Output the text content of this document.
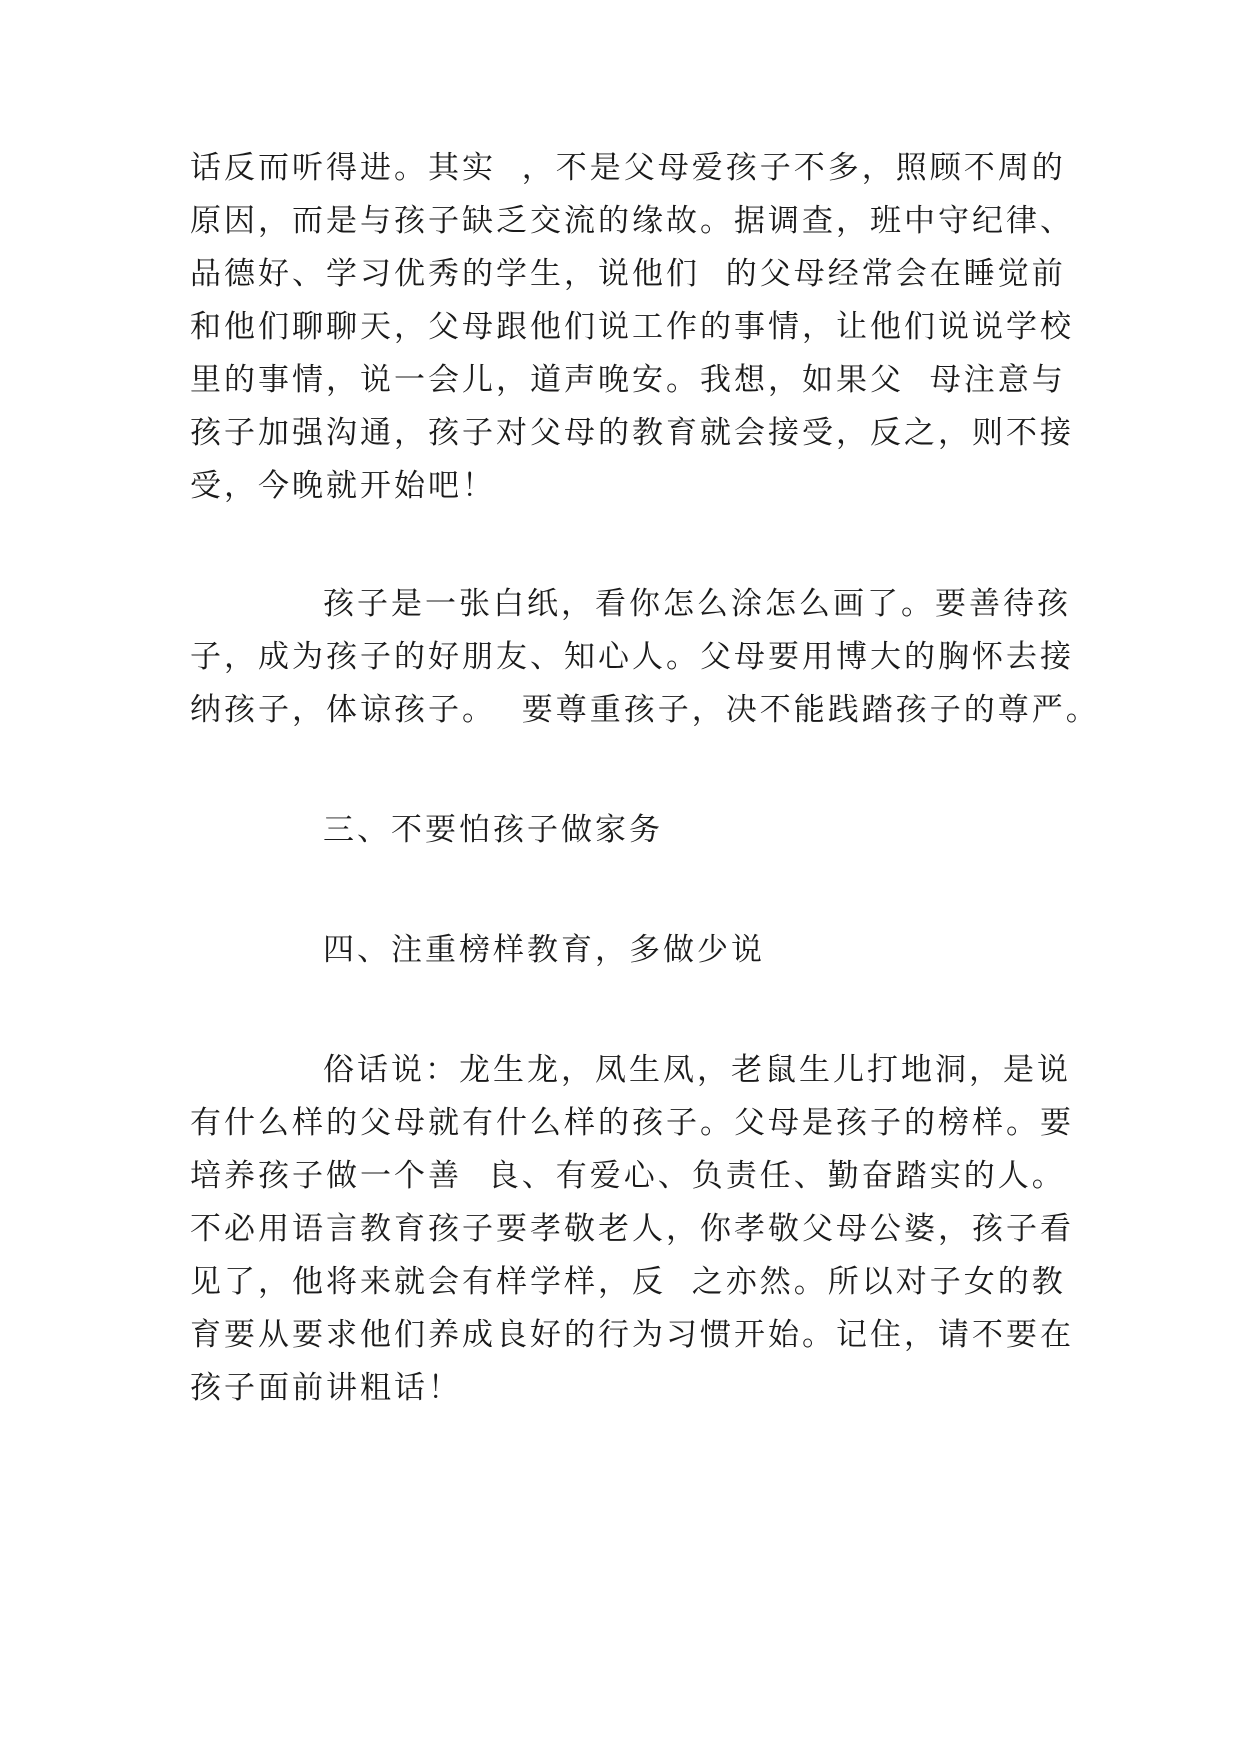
话反而听得进。其实  ，不是父母爱孩子不多，照顾不周的
原因，而是与孩子缺乏交流的缘故。据调查，班中守纪律、
品德好、学习优秀的学生，说他们  的父母经常会在睡觉前
和他们聊聊天，父母跟他们说工作的事情，让他们说说学校
里的事情，说一会儿，道声晚安。我想，如果父  母注意与
孩子加强沟通，孩子对父母的教育就会接受，反之，则不接
受，今晚就开始吧！
孩子是一张白纸，看你怎么涂怎么画了。要善待孩
子，成为孩子的好朋友、知心人。父母要用博大的胸怀去接
纳孩子，体谅孩子。  要尊重孩子，决不能践踏孩子的尊严。
三、不要怕孩子做家务
四、注重榜样教育，多做少说
俗话说：龙生龙，凤生凤，老鼠生儿打地洞，是说
有什么样的父母就有什么样的孩子。父母是孩子的榜样。要
培养孩子做一个善  良、有爱心、负责任、勤奋踏实的人。
不必用语言教育孩子要孝敬老人，你孝敬父母公婆，孩子看
见了，他将来就会有样学样，反  之亦然。所以对子女的教
育要从要求他们养成良好的行为习惯开始。记住，请不要在
孩子面前讲粗话！
